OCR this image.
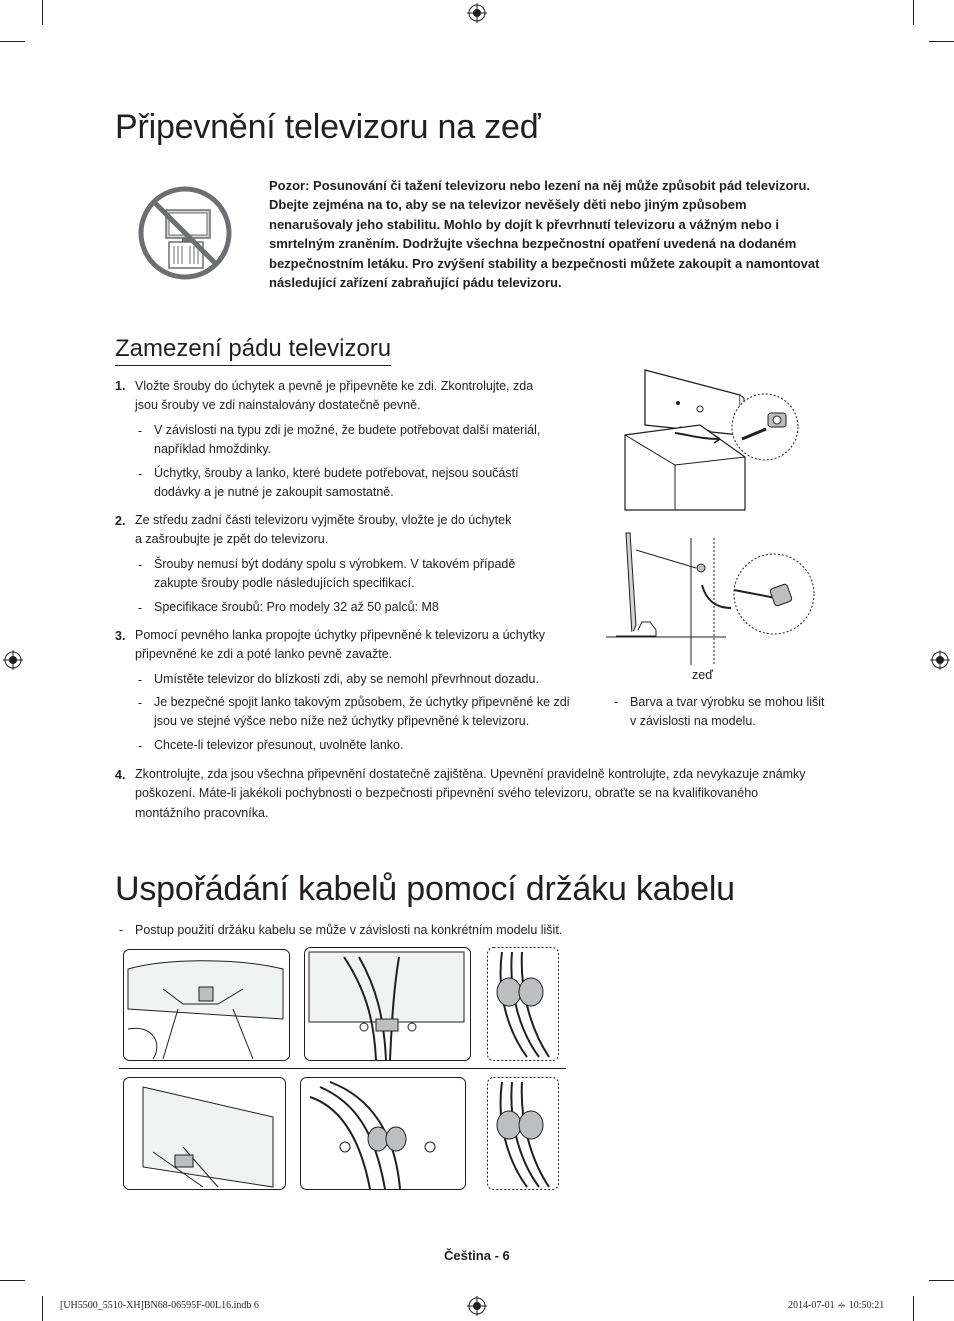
Připevnění televizoru na zeď
Pozor: Posunování či tažení televizoru nebo lezení na něj může způsobit pád televizoru. Dbejte zejména na to, aby se na televizor nevěšely děti nebo jiným způsobem nenarušovaly jeho stabilitu. Mohlo by dojít k převrhnutí televizoru a vážným nebo i smrtelným zraněním. Dodržujte všechna bezpečnostní opatření uvedená na dodaném bezpečnostním letáku. Pro zvýšení stability a bezpečnosti můžete zakoupit a namontovat následující zařízení zabraňující pádu televizoru.
Zamezení pádu televizoru
1. Vložte šrouby do úchytek a pevně je připevněte ke zdi. Zkontrolujte, zda
jsou šrouby ve zdi nainstalovány dostatečně pevně.
- V závislosti na typu zdi je možné, že budete potřebovat další materiál,
například hmoždinky.
- Úchytky, šrouby a lanko, které budete potřebovat, nejsou součástí
dodávky a je nutné je zakoupit samostatně.
2. Ze středu zadní části televizoru vyjměte šrouby, vložte je do úchytek
a zašroubujte je zpět do televizoru.
- Šrouby nemusí být dodány spolu s výrobkem. V takovém případě
zakupte šrouby podle následujících specifikací.
- Specifikace šroubů: Pro modely 32 až 50 palců: M8
3. Pomocí pevného lanka propojte úchytky připevněné k televizoru a úchytky
připevněné ke zdi a poté lanko pevně zavažte.
- Umístěte televizor do blízkosti zdi, aby se nemohl převrhnout dozadu.
- Je bezpečné spojit lanko takovým způsobem, že úchytky připevněné ke zdi
jsou ve stejné výšce nebo níže než úchytky připevněné k televizoru.
- Chcete-li televizor přesunout, uvolněte lanko.
4. Zkontrolujte, zda jsou všechna připevnění dostatečně zajištěna. Upevnění pravidelně kontrolujte, zda nevykazuje známky
poškození. Máte-li jakékoli pochybnosti o bezpečnosti připevnění svého televizoru, obraťte se na kvalifikovaného
montážního pracovníka.
zeď
- Barva a tvar výrobku se mohou lišit
v závislosti na modelu.
Uspořádání kabelů pomocí držáku kabelu
- Postup použití držáku kabelu se může v závislosti na konkrétním modelu lišit.
Čeština - 6
[UH5500_5510-XH]BN68-06595F-00L16.indb 6	2014-07-01 ꕂ 10:50:21
